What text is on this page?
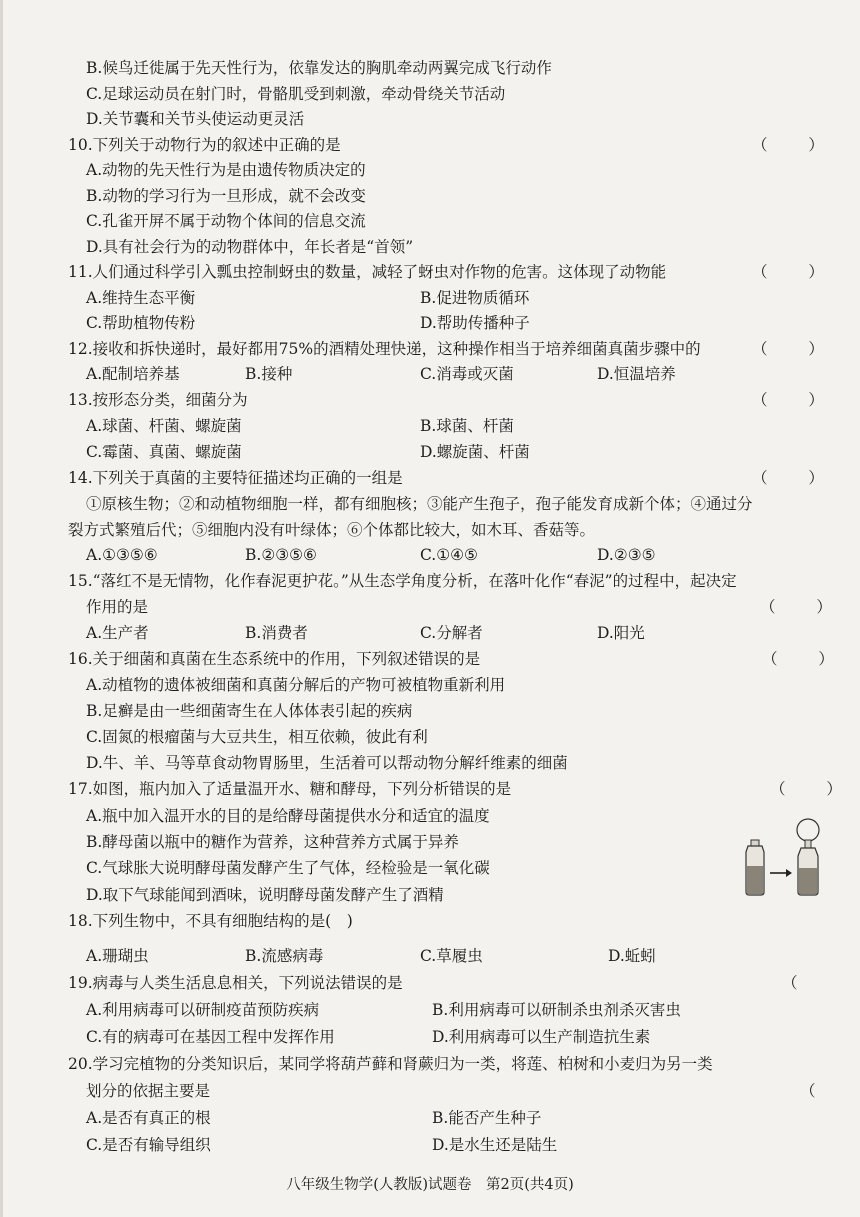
B.候鸟迁徙属于先天性行为，依靠发达的胸肌牵动两翼完成飞行动作
C.足球运动员在射门时，骨骼肌受到刺激，牵动骨绕关节活动
D.关节囊和关节头使运动更灵活
10.下列关于动物行为的叙述中正确的是	（ ）
A.动物的先天性行为是由遗传物质决定的
B.动物的学习行为一旦形成，就不会改变
C.孔雀开屏不属于动物个体间的信息交流
D.具有社会行为的动物群体中，年长者是“首领”
11.人们通过科学引入瓢虫控制蚜虫的数量，减轻了蚜虫对作物的危害。这体现了动物能	（ ）
A.维持生态平衡	B.促进物质循环
C.帮助植物传粉	D.帮助传播种子
12.接收和拆快递时，最好都用75%的酒精处理快递，这种操作相当于培养细菌真菌步骤中的	（ ）
A.配制培养基	B.接种	C.消毒或灭菌	D.恒温培养
13.按形态分类，细菌分为	（ ）
A.球菌、杆菌、螺旋菌	B.球菌、杆菌
C.霉菌、真菌、螺旋菌	D.螺旋菌、杆菌
14.下列关于真菌的主要特征描述均正确的一组是	（ ）
①原核生物；②和动植物细胞一样，都有细胞核；③能产生孢子，孢子能发育成新个体；④通过分
裂方式繁殖后代；⑤细胞内没有叶绿体；⑥个体都比较大，如木耳、香菇等。
A.①③⑤⑥	B.②③⑤⑥	C.①④⑤	D.②③⑤
15.“落红不是无情物，化作春泥更护花。”从生态学角度分析，在落叶化作“春泥”的过程中，起决定
作用的是	（ ）
A.生产者	B.消费者	C.分解者	D.阳光
16.关于细菌和真菌在生态系统中的作用，下列叙述错误的是	（ ）
A.动植物的遗体被细菌和真菌分解后的产物可被植物重新利用
B.足癣是由一些细菌寄生在人体体表引起的疾病
C.固氮的根瘤菌与大豆共生，相互依赖，彼此有利
D.牛、羊、马等草食动物胃肠里，生活着可以帮动物分解纤维素的细菌
17.如图，瓶内加入了适量温开水、糖和酵母，下列分析错误的是	（ ）
A.瓶中加入温开水的目的是给酵母菌提供水分和适宜的温度
B.酵母菌以瓶中的糖作为营养，这种营养方式属于异养
C.气球胀大说明酵母菌发酵产生了气体，经检验是一氧化碳
D.取下气球能闻到酒味，说明酵母菌发酵产生了酒精
18.下列生物中，不具有细胞结构的是(　)
A.珊瑚虫	B.流感病毒	C.草履虫	D.蚯蚓
19.病毒与人类生活息息相关，下列说法错误的是	（
A.利用病毒可以研制疫苗预防疾病	B.利用病毒可以研制杀虫剂杀灭害虫
C.有的病毒可在基因工程中发挥作用	D.利用病毒可以生产制造抗生素
20.学习完植物的分类知识后，某同学将葫芦藓和肾蕨归为一类，将莲、柏树和小麦归为另一类
划分的依据主要是	（
A.是否有真正的根	B.能否产生种子
C.是否有输导组织	D.是水生还是陆生
八年级生物学(人教版)试题卷　第2页(共4页)
